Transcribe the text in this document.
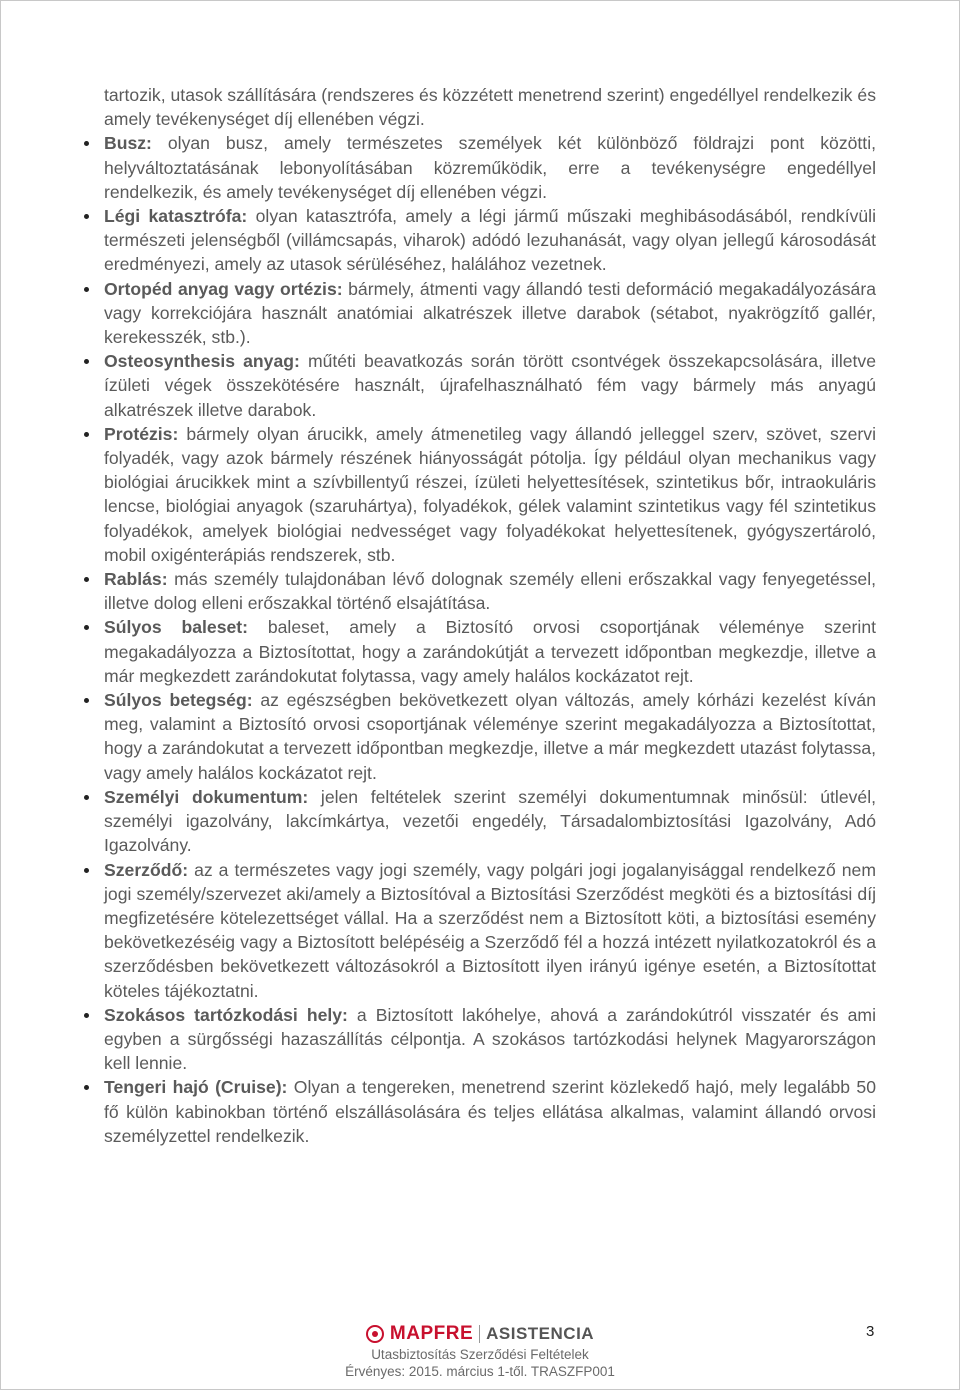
tartozik, utasok szállítására (rendszeres és közzétett menetrend szerint) engedéllyel rendelkezik és amely tevékenységet díj ellenében végzi.

Busz: olyan busz, amely természetes személyek két különböző földrajzi pont közötti, helyváltoztatásának lebonyolításában közreműködik, erre a tevékenységre engedéllyel rendelkezik, és amely tevékenységet díj ellenében végzi.

Légi katasztrófa: olyan katasztrófa, amely a légi jármű műszaki meghibásodásából, rendkívüli természeti jelenségből (villámcsapás, viharok) adódó lezuhanását, vagy olyan jellegű károsodását eredményezi, amely az utasok sérüléséhez, halálához vezetnek.

Ortopéd anyag vagy ortézis: bármely, átmenti vagy állandó testi deformáció megakadályozására vagy korrekciójára használt anatómiai alkatrészek illetve darabok (sétabot, nyakrögzítő gallér, kerekesszék, stb.).

Osteosynthesis anyag: műtéti beavatkozás során törött csontvégek összekapcsolására, illetve ízületi végek összekötésére használt, újrafelhasználható fém vagy bármely más anyagú alkatrészek illetve darabok.

Protézis: bármely olyan árucikk, amely átmenetileg vagy állandó jelleggel szerv, szövet, szervi folyadék, vagy azok bármely részének hiányosságát pótolja. Így például olyan mechanikus vagy biológiai árucikkek mint a szívbillentyű részei, ízületi helyettesítések, szintetikus bőr, intraokuláris lencse, biológiai anyagok (szaruhártya), folyadékok, gélek valamint szintetikus vagy fél szintetikus folyadékok, amelyek biológiai nedvességet vagy folyadékokat helyettesítenek, gyógyszertároló, mobil oxigénterápiás rendszerek, stb.

Rablás: más személy tulajdonában lévő dolognak személy elleni erőszakkal vagy fenyegetéssel, illetve dolog elleni erőszakkal történő elsajátítása.

Súlyos baleset: baleset, amely a Biztosító orvosi csoportjának véleménye szerint megakadályozza a Biztosítottat, hogy a zarándokútját a tervezett időpontban megkezdje, illetve a már megkezdett zarándokutat folytassa, vagy amely halálos kockázatot rejt.

Súlyos betegség: az egészségben bekövetkezett olyan változás, amely kórházi kezelést kíván meg, valamint a Biztosító orvosi csoportjának véleménye szerint megakadályozza a Biztosítottat, hogy a zarándokutat a tervezett időpontban megkezdje, illetve a már megkezdett utazást folytassa, vagy amely halálos kockázatot rejt.

Személyi dokumentum: jelen feltételek szerint személyi dokumentumnak minősül: útlevél, személyi igazolvány, lakcímkártya, vezetői engedély, Társadalombiztosítási Igazolvány, Adó Igazolvány.

Szerződő: az a természetes vagy jogi személy, vagy polgári jogi jogalanyisággal rendelkező nem jogi személy/szervezet aki/amely a Biztosítóval a Biztosítási Szerződést megköti és a biztosítási díj megfizetésére kötelezettséget vállal. Ha a szerződést nem a Biztosított köti, a biztosítási esemény bekövetkezéséig vagy a Biztosított belépéséig a Szerződő fél a hozzá intézett nyilatkozatokról és a szerződésben bekövetkezett változásokról a Biztosított ilyen irányú igénye esetén, a Biztosítottat köteles tájékoztatni.

Szokásos tartózkodási hely: a Biztosított lakóhelye, ahová a zarándokútról visszatér és ami egyben a sürgősségi hazaszállítás célpontja. A szokásos tartózkodási helynek Magyarországon kell lennie.

Tengeri hajó (Cruise): Olyan a tengereken, menetrend szerint közlekedő hajó, mely legalább 50 fő külön kabinokban történő elszállásolására és teljes ellátása alkalmas, valamint állandó orvosi személyzettel rendelkezik.

MAPFRE ASISTENCIA
Utasbiztosítás Szerződési Feltételek
Érvényes: 2015. március 1-től. TRASZFP001
3
